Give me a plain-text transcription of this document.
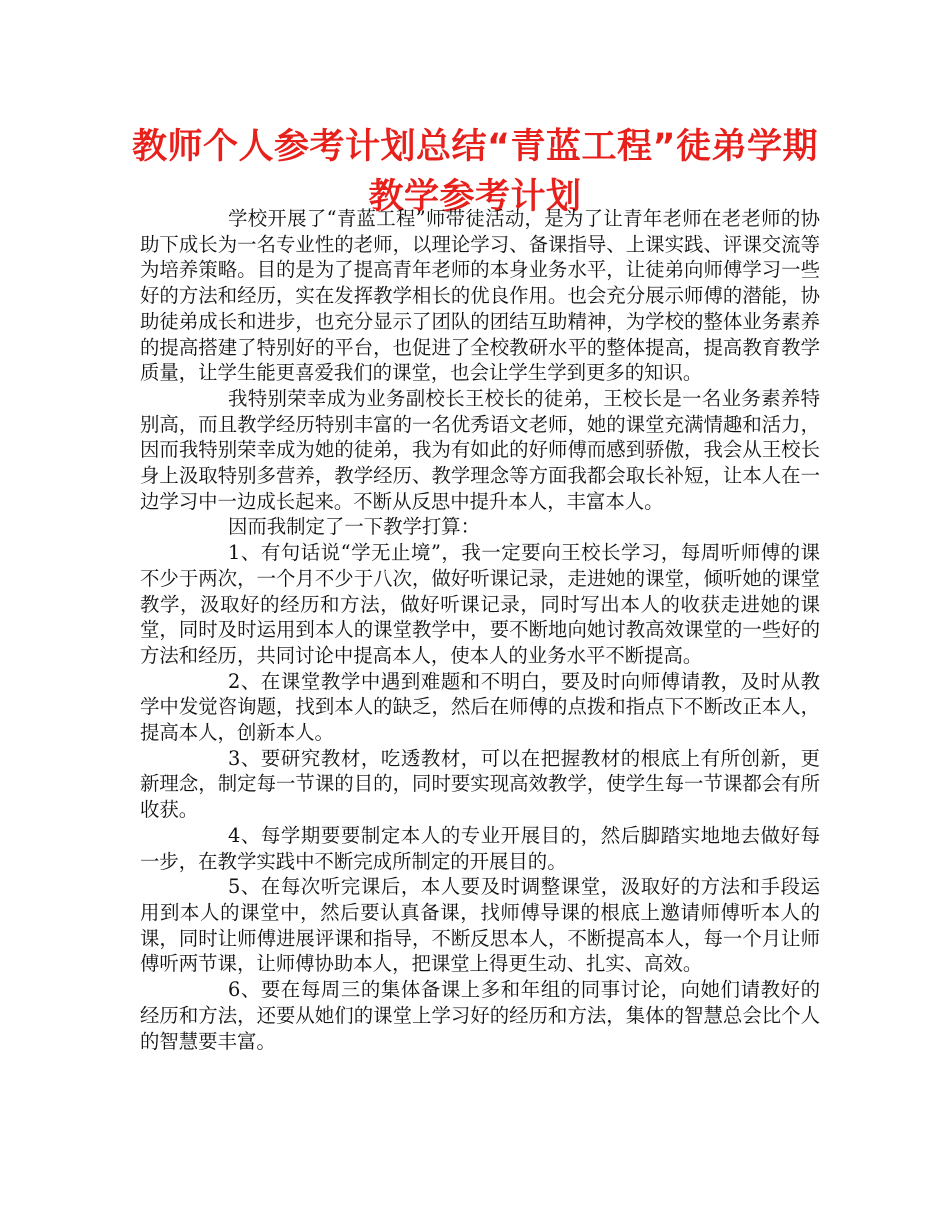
教师个人参考计划总结“青蓝工程”徒弟学期教学参考计划

学校开展了“青蓝工程”师带徒活动，是为了让青年老师在老老师的协助下成长为一名专业性的老师，以理论学习、备课指导、上课实践、评课交流等为培养策略。目的是为了提高青年老师的本身业务水平，让徒弟向师傅学习一些好的方法和经历，实在发挥教学相长的优良作用。也会充分展示师傅的潜能，协助徒弟成长和进步，也充分显示了团队的团结互助精神，为学校的整体业务素养的提高搭建了特别好的平台，也促进了全校教研水平的整体提高，提高教育教学质量，让学生能更喜爱我们的课堂，也会让学生学到更多的知识。

我特别荣幸成为业务副校长王校长的徒弟，王校长是一名业务素养特别高，而且教学经历特别丰富的一名优秀语文老师，她的课堂充满情趣和活力，因而我特别荣幸成为她的徒弟，我为有如此的好师傅而感到骄傲，我会从王校长身上汲取特别多营养，教学经历、教学理念等方面我都会取长补短，让本人在一边学习中一边成长起来。不断从反思中提升本人，丰富本人。

因而我制定了一下教学打算：

1、有句话说“学无止境”，我一定要向王校长学习，每周听师傅的课不少于两次，一个月不少于八次，做好听课记录，走进她的课堂，倾听她的课堂教学，汲取好的经历和方法，做好听课记录，同时写出本人的收获走进她的课堂，同时及时运用到本人的课堂教学中，要不断地向她讨教高效课堂的一些好的方法和经历，共同讨论中提高本人，使本人的业务水平不断提高。

2、在课堂教学中遇到难题和不明白，要及时向师傅请教，及时从教学中发觉咨询题，找到本人的缺乏，然后在师傅的点拨和指点下不断改正本人，提高本人，创新本人。

3、要研究教材，吃透教材，可以在把握教材的根底上有所创新，更新理念，制定每一节课的目的，同时要实现高效教学，使学生每一节课都会有所收获。

4、每学期要要制定本人的专业开展目的，然后脚踏实地地去做好每一步，在教学实践中不断完成所制定的开展目的。

5、在每次听完课后，本人要及时调整课堂，汲取好的方法和手段运用到本人的课堂中，然后要认真备课，找师傅导课的根底上邀请师傅听本人的课，同时让师傅进展评课和指导，不断反思本人，不断提高本人，每一个月让师傅听两节课，让师傅协助本人，把课堂上得更生动、扎实、高效。

6、要在每周三的集体备课上多和年组的同事讨论，向她们请教好的经历和方法，还要从她们的课堂上学习好的经历和方法，集体的智慧总会比个人的智慧要丰富。
